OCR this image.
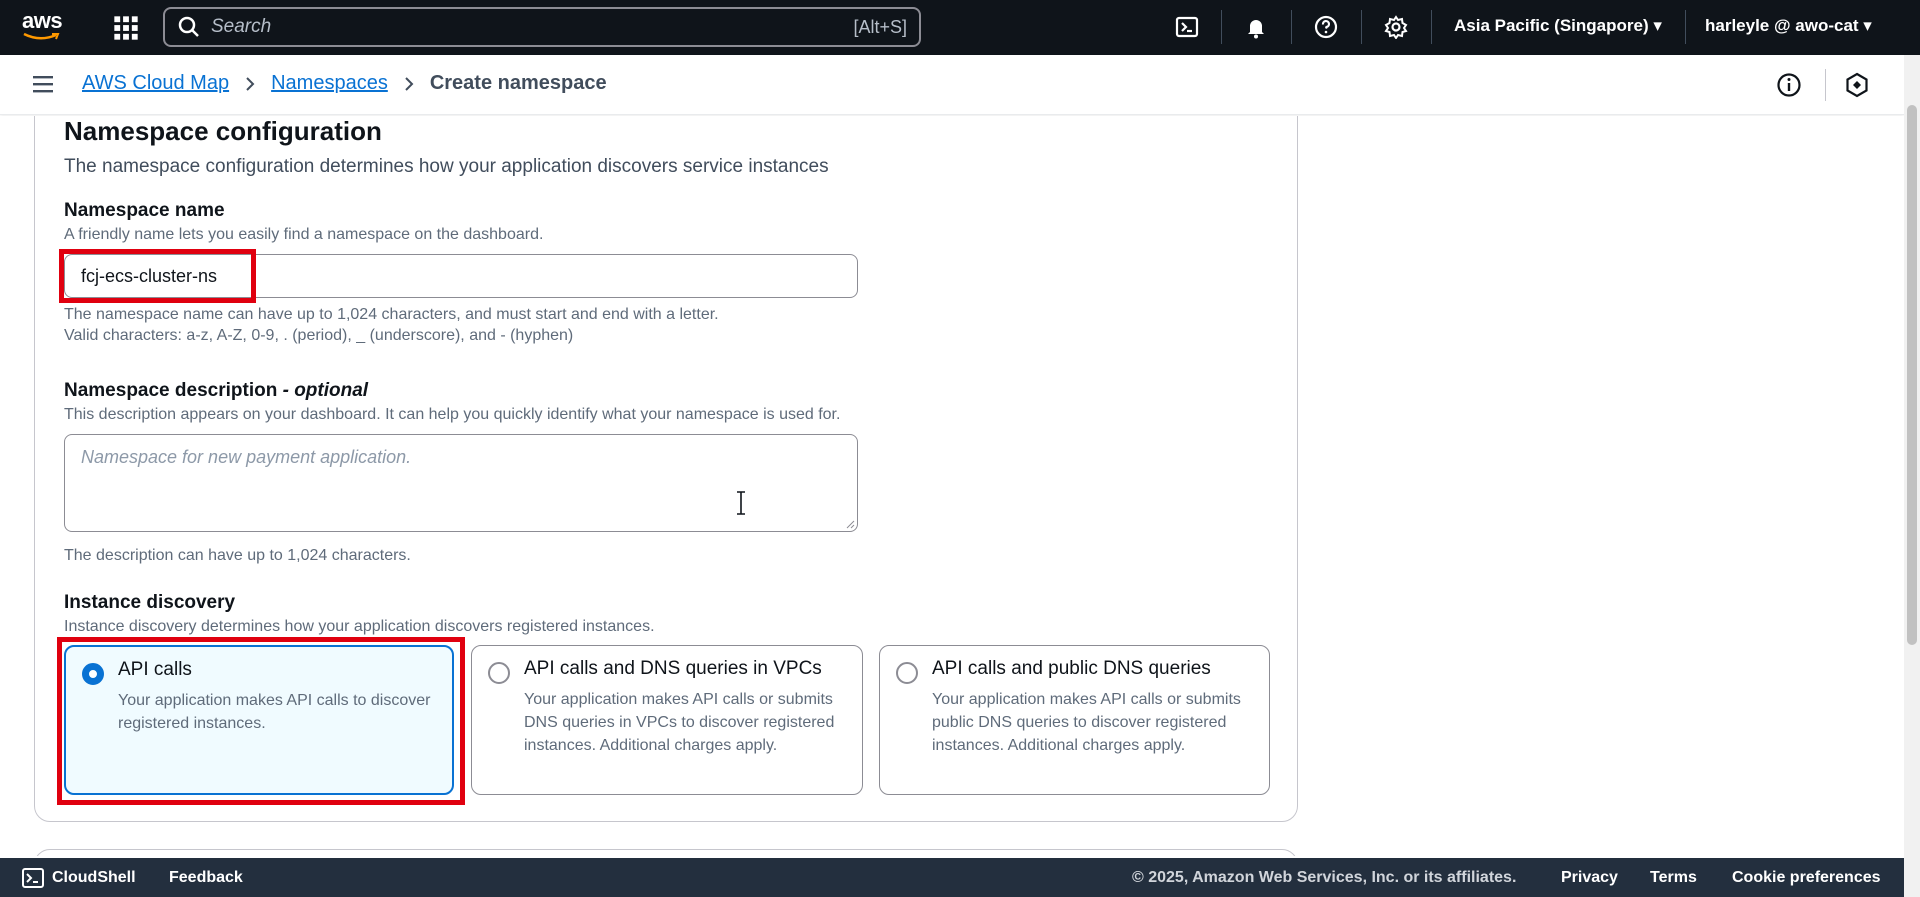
aws	Search	[Alt+S]	Asia Pacific (Singapore) ▾	harleyle @ awo-cat ▾
AWS Cloud Map Namespaces Create namespace
Namespace configuration
The namespace configuration determines how your application discovers service instances
Namespace name
A friendly name lets you easily find a namespace on the dashboard.
fcj-ecs-cluster-ns
The namespace name can have up to 1,024 characters, and must start and end with a letter.
Valid characters: a-z, A-Z, 0-9, . (period), _ (underscore), and - (hyphen)
Namespace description - optional
This description appears on your dashboard. It can help you quickly identify what your namespace is used for.
Namespace for new payment application.
The description can have up to 1,024 characters.
Instance discovery
Instance discovery determines how your application discovers registered instances.
API calls
Your application makes API calls to discover registered instances.
API calls and DNS queries in VPCs
Your application makes API calls or submits DNS queries in VPCs to discover registered instances. Additional charges apply.
API calls and public DNS queries
Your application makes API calls or submits public DNS queries to discover registered instances. Additional charges apply.
CloudShell Feedback	© 2025, Amazon Web Services, Inc. or its affiliates.	Privacy Terms Cookie preferences
